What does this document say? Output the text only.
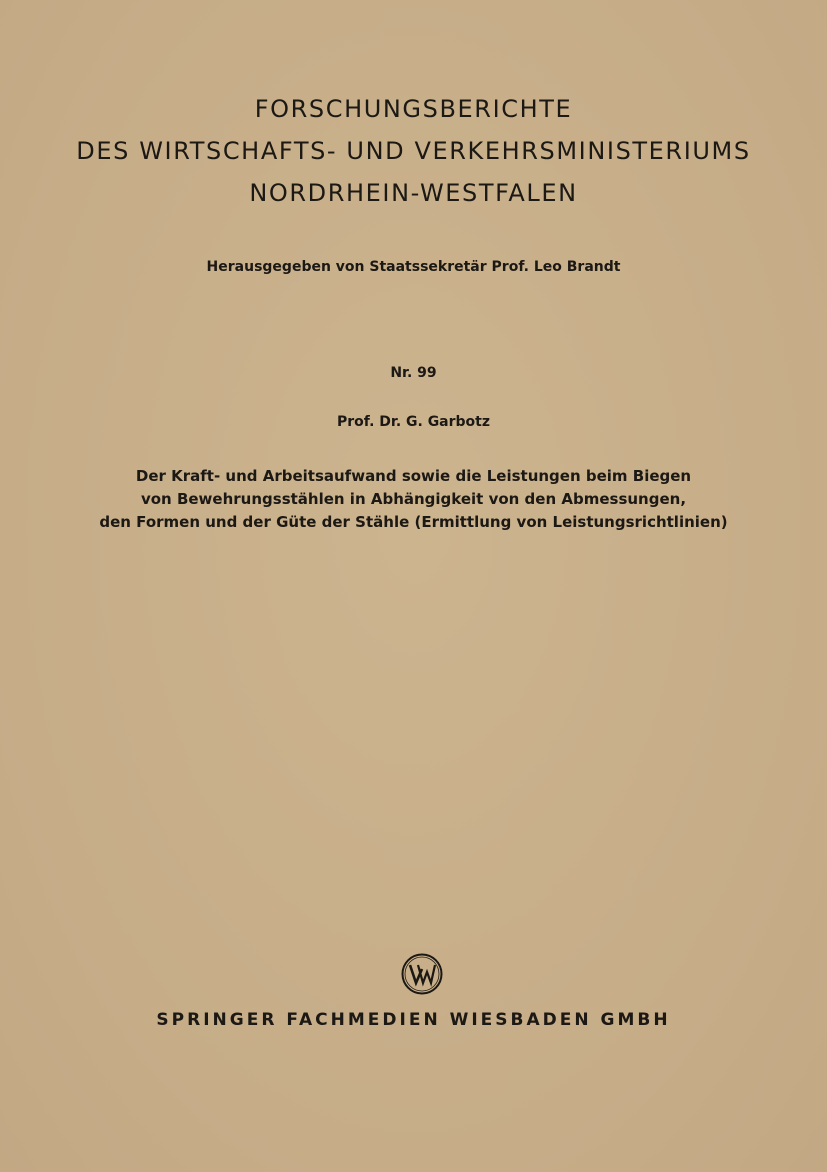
FORSCHUNGSBERICHTE
DES WIRTSCHAFTS- UND VERKEHRSMINISTERIUMS
NORDRHEIN-WESTFALEN
Herausgegeben von Staatssekretär Prof. Leo Brandt
Nr. 99
Prof. Dr. G. Garbotz
Der Kraft- und Arbeitsaufwand sowie die Leistungen beim Biegen
von Bewehrungsstählen in Abhängigkeit von den Abmessungen,
den Formen und der Güte der Stähle (Ermittlung von Leistungsrichtlinien)
SPRINGER FACHMEDIEN WIESBADEN GMBH
